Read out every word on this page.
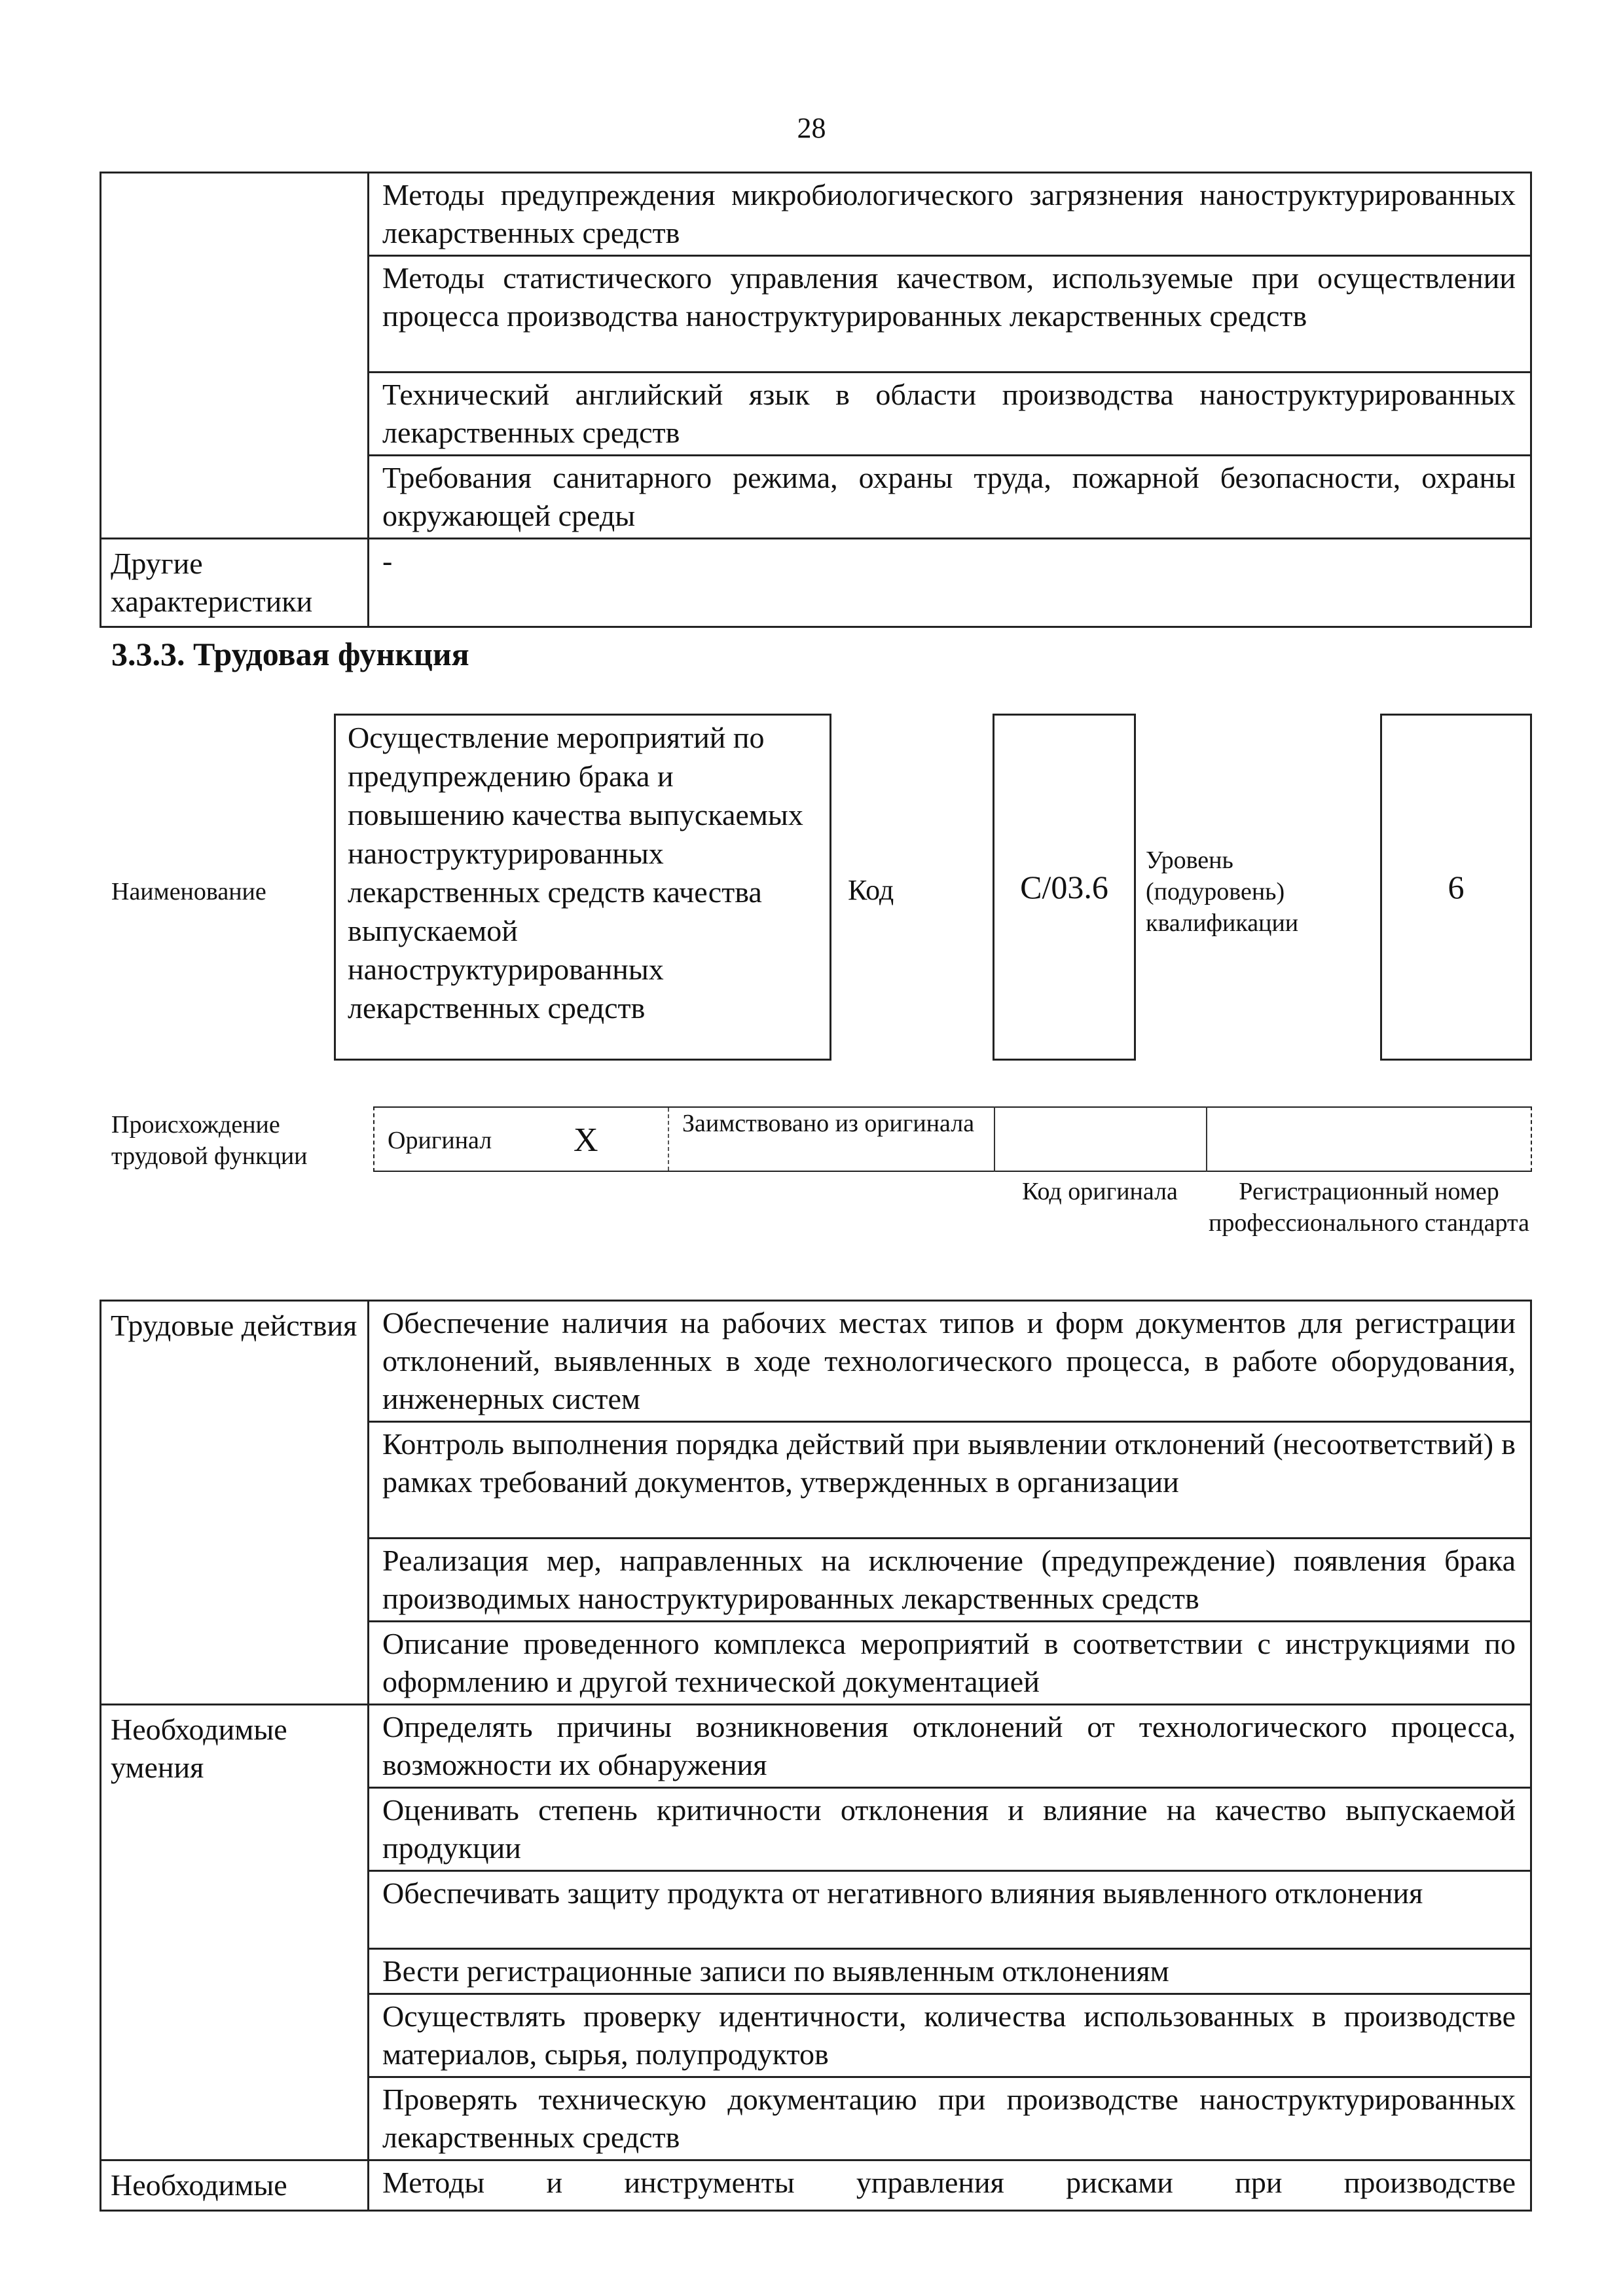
28
	Методы предупреждения микробиологического загрязнения наноструктурированных лекарственных средств
	Методы статистического управления качеством, используемые при осуществлении процесса производства наноструктурированных лекарственных средств
	Технический английский язык в области производства наноструктурированных лекарственных средств
	Требования санитарного режима, охраны труда, пожарной безопасности, охраны окружающей среды
Другие характеристики	-
3.3.3. Трудовая функция
Наименование
Осуществление мероприятий по предупреждению брака и повышению качества выпускаемых наноструктурированных лекарственных средств качества выпускаемой наноструктурированных лекарственных средств
Код	C/03.6
Уровень (подуровень) квалификации
6
Происхождение трудовой функции
Оригинал X	Заимствовано из оригинала
Код оригинала	Регистрационный номер профессионального стандарта
Трудовые действия	Обеспечение наличия на рабочих местах типов и форм документов для регистрации отклонений, выявленных в ходе технологического процесса, в работе оборудования, инженерных систем
	Контроль выполнения порядка действий при выявлении отклонений (несоответствий) в рамках требований документов, утвержденных в организации
	Реализация мер, направленных на исключение (предупреждение) появления брака производимых наноструктурированных лекарственных средств
	Описание проведенного комплекса мероприятий в соответствии с инструкциями по оформлению и другой технической документацией
Необходимые умения	Определять причины возникновения отклонений от технологического процесса, возможности их обнаружения
	Оценивать степень критичности отклонения и влияние на качество выпускаемой продукции
	Обеспечивать защиту продукта от негативного влияния выявленного отклонения
	Вести регистрационные записи по выявленным отклонениям
	Осуществлять проверку идентичности, количества использованных в производстве материалов, сырья, полупродуктов
	Проверять техническую документацию при производстве наноструктурированных лекарственных средств
Необходимые	Методы и инструменты управления рисками при производстве
